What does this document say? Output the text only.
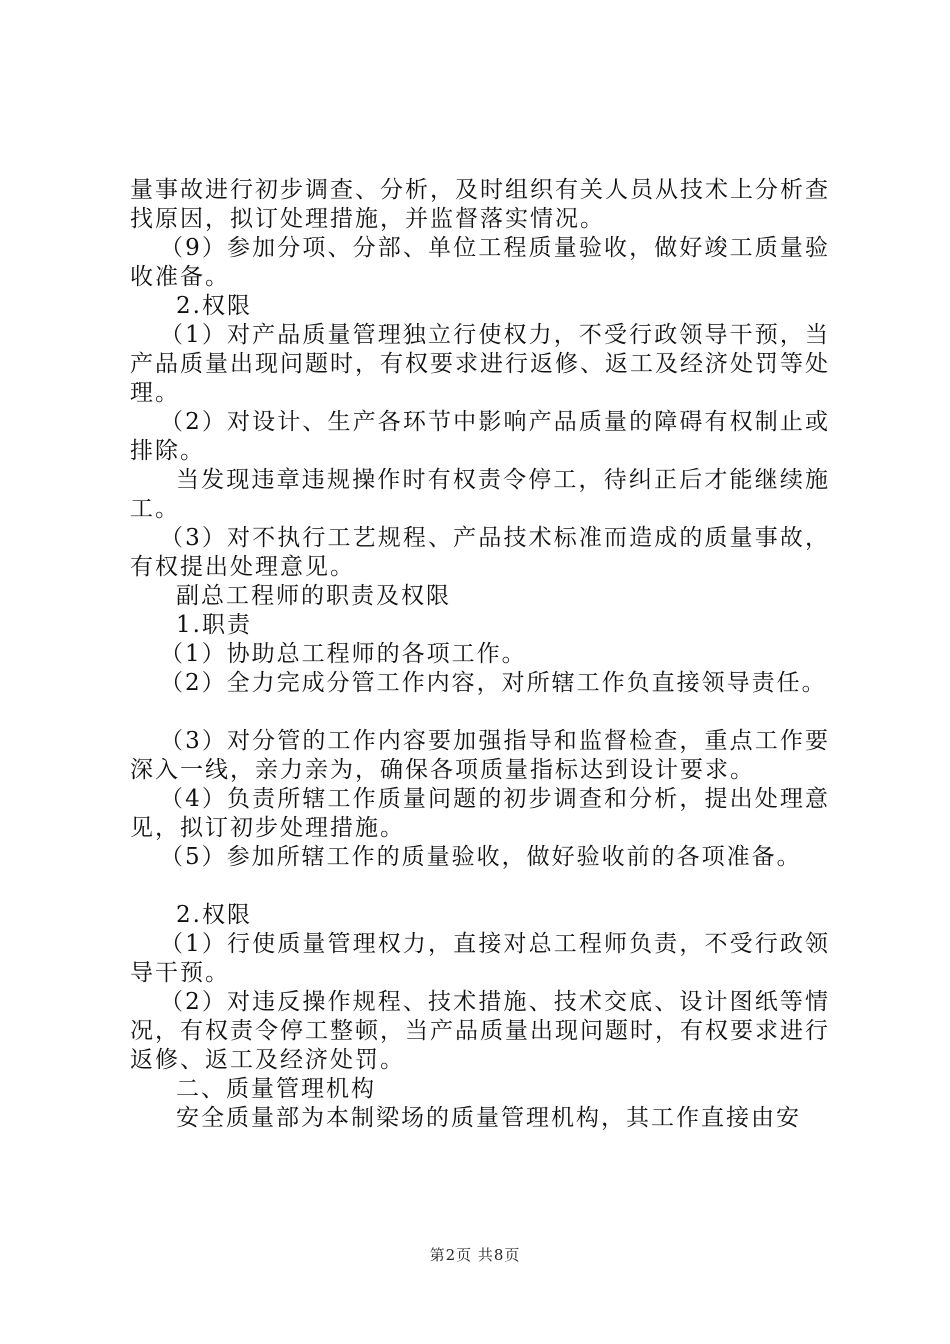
量事故进行初步调查、分析，及时组织有关人员从技术上分析查找原因，拟订处理措施，并监督落实情况。

（9）参加分项、分部、单位工程质量验收，做好竣工质量验收准备。

2.权限

（1）对产品质量管理独立行使权力，不受行政领导干预，当产品质量出现问题时，有权要求进行返修、返工及经济处罚等处理。

（2）对设计、生产各环节中影响产品质量的障碍有权制止或排除。

当发现违章违规操作时有权责令停工，待纠正后才能继续施工。

（3）对不执行工艺规程、产品技术标准而造成的质量事故，有权提出处理意见。

副总工程师的职责及权限

1.职责

（1）协助总工程师的各项工作。

（2）全力完成分管工作内容，对所辖工作负直接领导责任。

（3）对分管的工作内容要加强指导和监督检查，重点工作要深入一线，亲力亲为，确保各项质量指标达到设计要求。

（4）负责所辖工作质量问题的初步调查和分析，提出处理意见，拟订初步处理措施。

（5）参加所辖工作的质量验收，做好验收前的各项准备。

2.权限

（1）行使质量管理权力，直接对总工程师负责，不受行政领导干预。

（2）对违反操作规程、技术措施、技术交底、设计图纸等情况，有权责令停工整顿，当产品质量出现问题时，有权要求进行返修、返工及经济处罚。

二、质量管理机构

安全质量部为本制梁场的质量管理机构，其工作直接由安

第2页 共8页
